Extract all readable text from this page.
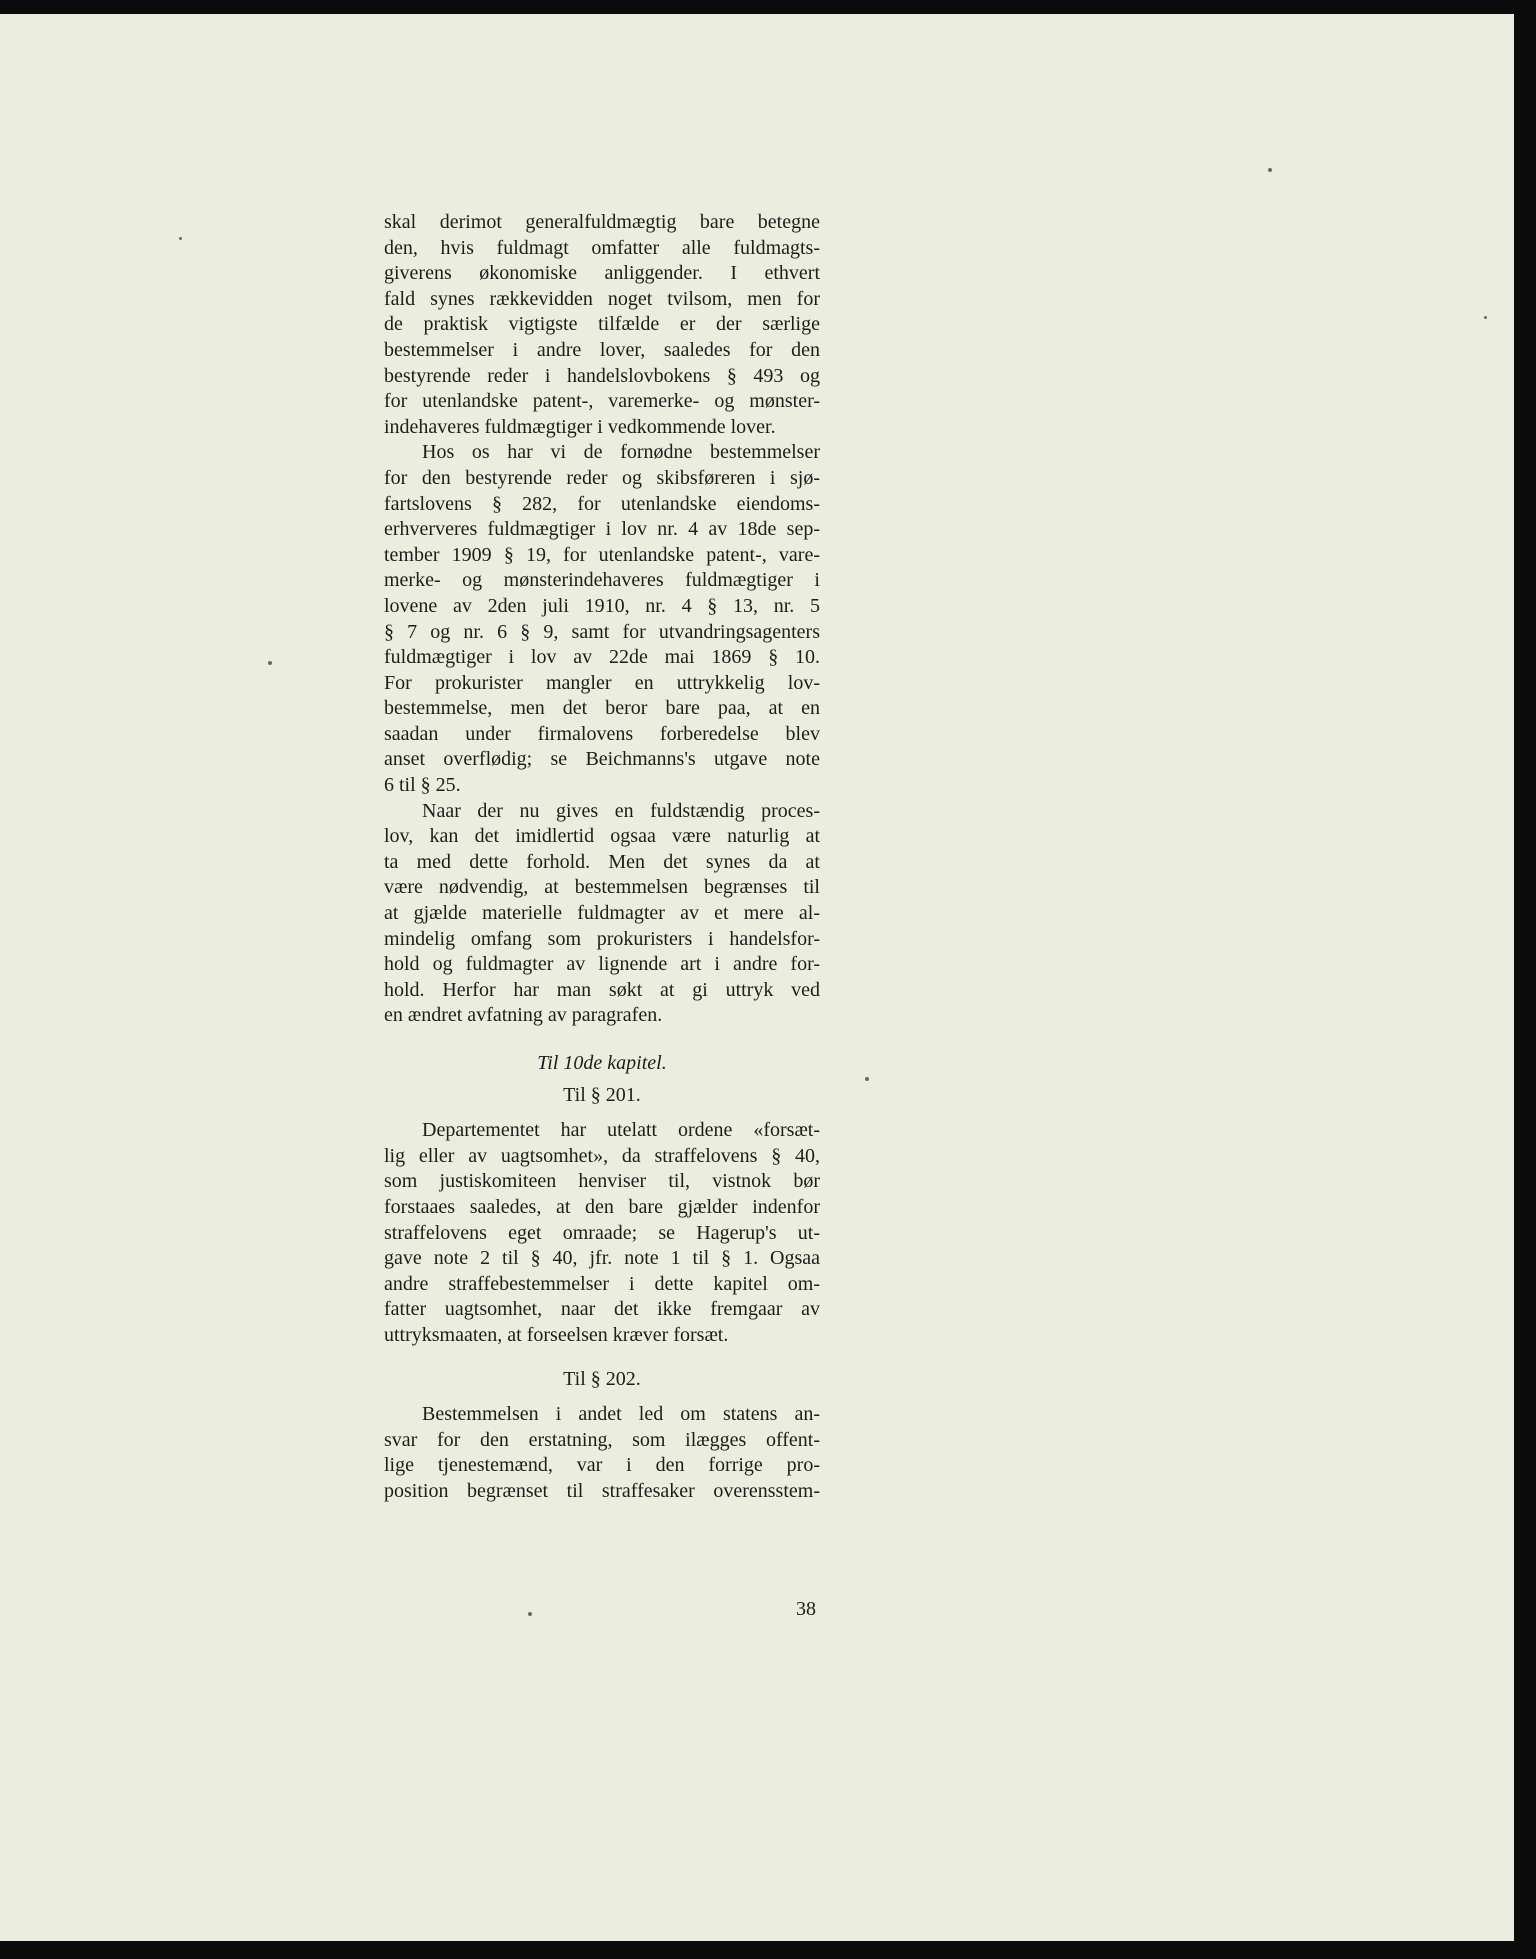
skal derimot generalfuldmægtig bare betegne
den, hvis fuldmagt omfatter alle fuldmagts-
giverens økonomiske anliggender. I ethvert
fald synes rækkevidden noget tvilsom, men for
de praktisk vigtigste tilfælde er der særlige
bestemmelser i andre lover, saaledes for den
bestyrende reder i handelslovbokens § 493 og
for utenlandske patent-, varemerke- og mønster-
indehaveres fuldmægtiger i vedkommende lover.

Hos os har vi de fornødne bestemmelser
for den bestyrende reder og skibsføreren i sjø-
fartslovens § 282, for utenlandske eiendoms-
erhververes fuldmægtiger i lov nr. 4 av 18de sep-
tember 1909 § 19, for utenlandske patent-, vare-
merke- og mønsterindehaveres fuldmægtiger i
lovene av 2den juli 1910, nr. 4 § 13, nr. 5
§ 7 og nr. 6 § 9, samt for utvandringsagenters
fuldmægtiger i lov av 22de mai 1869 § 10.
For prokurister mangler en uttrykkelig lov-
bestemmelse, men det beror bare paa, at en
saadan under firmalovens forberedelse blev
anset overflødig; se Beichmanns's utgave note
6 til § 25.

Naar der nu gives en fuldstændig proces-
lov, kan det imidlertid ogsaa være naturlig at
ta med dette forhold. Men det synes da at
være nødvendig, at bestemmelsen begrænses til
at gjælde materielle fuldmagter av et mere al-
mindelig omfang som prokuristers i handelsfor-
hold og fuldmagter av lignende art i andre for-
hold. Herfor har man søkt at gi uttryk ved
en ændret avfatning av paragrafen.

Til 10de kapitel.
Til § 201.

Departementet har utelatt ordene «forsæt-
lig eller av uagtsomhet», da straffelovens § 40,
som justiskomiteen henviser til, vistnok bør
forstaaes saaledes, at den bare gjælder indenfor
straffelovens eget omraade; se Hagerup's ut-
gave note 2 til § 40, jfr. note 1 til § 1. Ogsaa
andre straffebestemmelser i dette kapitel om-
fatter uagtsomhet, naar det ikke fremgaar av
uttryksmaaten, at forseelsen kræver forsæt.

Til § 202.

Bestemmelsen i andet led om statens an-
svar for den erstatning, som ilægges offent-
lige tjenestemænd, var i den forrige pro-
position begrænset til straffesaker overensstem-

38
